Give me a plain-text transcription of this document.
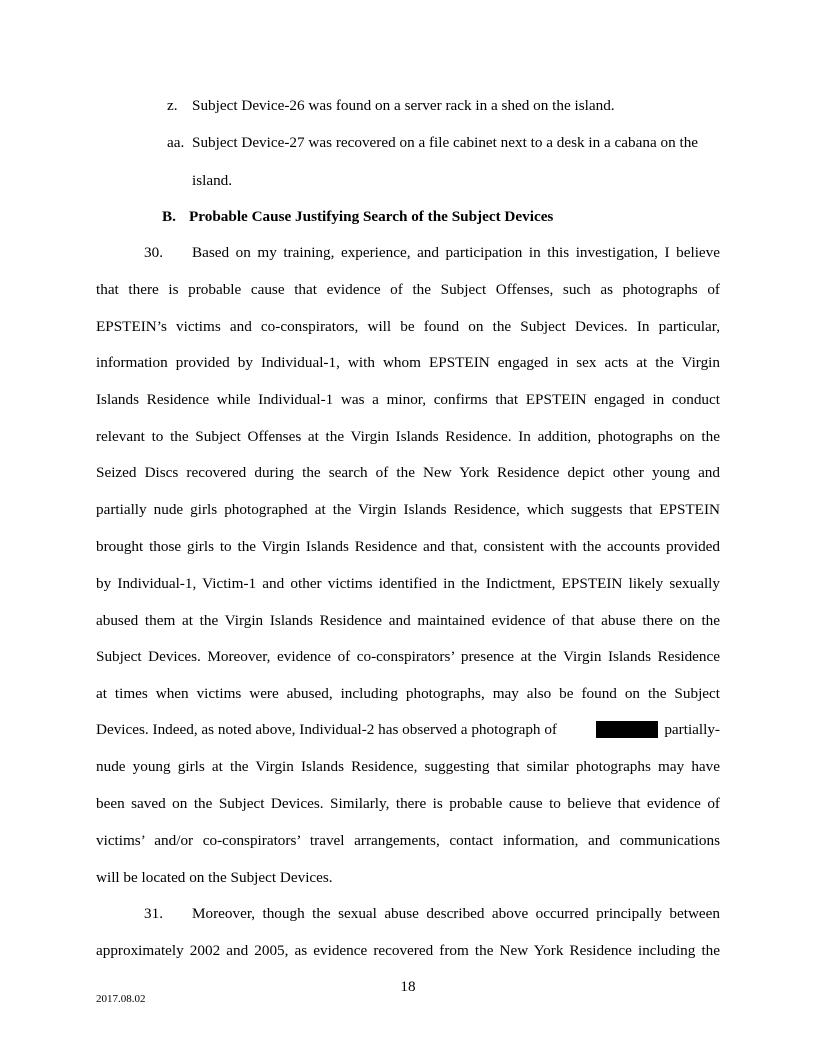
z. Subject Device-26 was found on a server rack in a shed on the island.
aa. Subject Device-27 was recovered on a file cabinet next to a desk in a cabana on the
island.
B. Probable Cause Justifying Search of the Subject Devices
30. Based on my training, experience, and participation in this investigation, I believe
that there is probable cause that evidence of the Subject Offenses, such as photographs of
EPSTEIN’s victims and co-conspirators, will be found on the Subject Devices. In particular,
information provided by Individual-1, with whom EPSTEIN engaged in sex acts at the Virgin
Islands Residence while Individual-1 was a minor, confirms that EPSTEIN engaged in conduct
relevant to the Subject Offenses at the Virgin Islands Residence. In addition, photographs on the
Seized Discs recovered during the search of the New York Residence depict other young and
partially nude girls photographed at the Virgin Islands Residence, which suggests that EPSTEIN
brought those girls to the Virgin Islands Residence and that, consistent with the accounts provided
by Individual-1, Victim-1 and other victims identified in the Indictment, EPSTEIN likely sexually
abused them at the Virgin Islands Residence and maintained evidence of that abuse there on the
Subject Devices. Moreover, evidence of co-conspirators’ presence at the Virgin Islands Residence
at times when victims were abused, including photographs, may also be found on the Subject
Devices. Indeed, as noted above, Individual-2 has observed a photograph of	partially-
nude young girls at the Virgin Islands Residence, suggesting that similar photographs may have
been saved on the Subject Devices. Similarly, there is probable cause to believe that evidence of
victims’ and/or co-conspirators’ travel arrangements, contact information, and communications
will be located on the Subject Devices.
31. Moreover, though the sexual abuse described above occurred principally between
approximately 2002 and 2005, as evidence recovered from the New York Residence including the
18
2017.08.02
